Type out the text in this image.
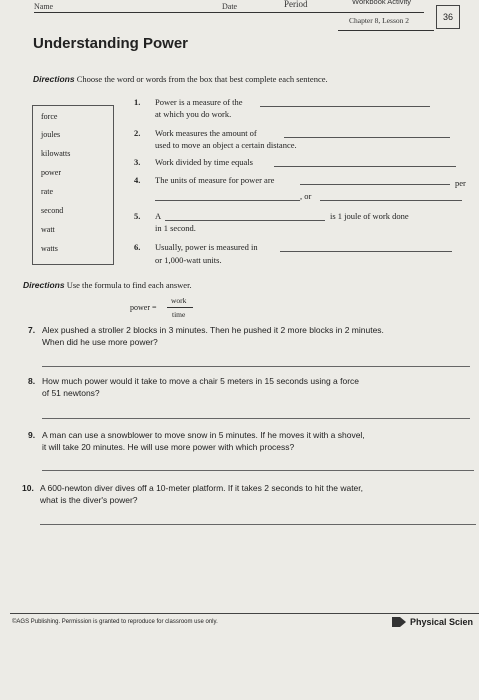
Name	Date	Period	Workbook Activity
Chapter 8, Lesson 2	36
Understanding Power
Directions Choose the word or words from the box that best complete each sentence.
force
joules
kilowatts
power
rate
second
watt
watts
1. Power is a measure of the
at which you do work.
2. Work measures the amount of
used to move an object a certain distance.
3. Work divided by time equals
4. The units of measure for power are	per
, or
5. A	is 1 joule of work done
in 1 second.
6. Usually, power is measured in
or 1,000-watt units.
Directions Use the formula to find each answer.
power =
work
time
7. Alex pushed a stroller 2 blocks in 3 minutes. Then he pushed it 2 more blocks in 2 minutes.
When did he use more power?
8. How much power would it take to move a chair 5 meters in 15 seconds using a force
of 51 newtons?
9. A man can use a snowblower to move snow in 5 minutes. If he moves it with a shovel,
it will take 20 minutes. He will use more power with which process?
10. A 600-newton diver dives off a 10-meter platform. If it takes 2 seconds to hit the water,
what is the diver's power?
©AGS Publishing. Permission is granted to reproduce for classroom use only.	Physical Scien
